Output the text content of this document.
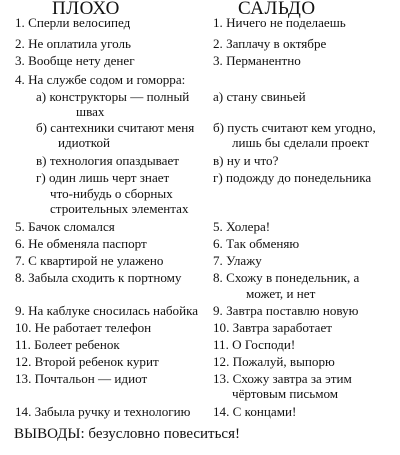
ПЛОХО	САЛЬДО
1. Сперли велосипед
2. Не оплатила уголь
3. Вообще нету денег
4. На службе содом и гоморра:
а) конструкторы — полный
швах
б) сантехники считают меня
идиоткой
в) технология опаздывает
г) один лишь черт знает
что-нибудь о сборных
строительных элементах
5. Бачок сломался
6. Не обменяла паспорт
7. С квартирой не улажено
8. Забыла сходить к портному
9. На каблуке сносилась набойка
10. Не работает телефон
11. Болеет ребенок
12. Второй ребенок курит
13. Почтальон — идиот
14. Забыла ручку и технологию
1. Ничего не поделаешь
2. Заплачу в октябре
3. Перманентно
а) стану свиньей
б) пусть считают кем угодно,
лишь бы сделали проект
в) ну и что?
г) подожду до понедельника
5. Холера!
6. Так обменяю
7. Улажу
8. Схожу в понедельник, а
может, и нет
9. Завтра поставлю новую
10. Завтра заработает
11. О Господи!
12. Пожалуй, выпорю
13. Схожу завтра за этим
чёртовым письмом
14. С концами!
ВЫВОДЫ: безусловно повеситься!
